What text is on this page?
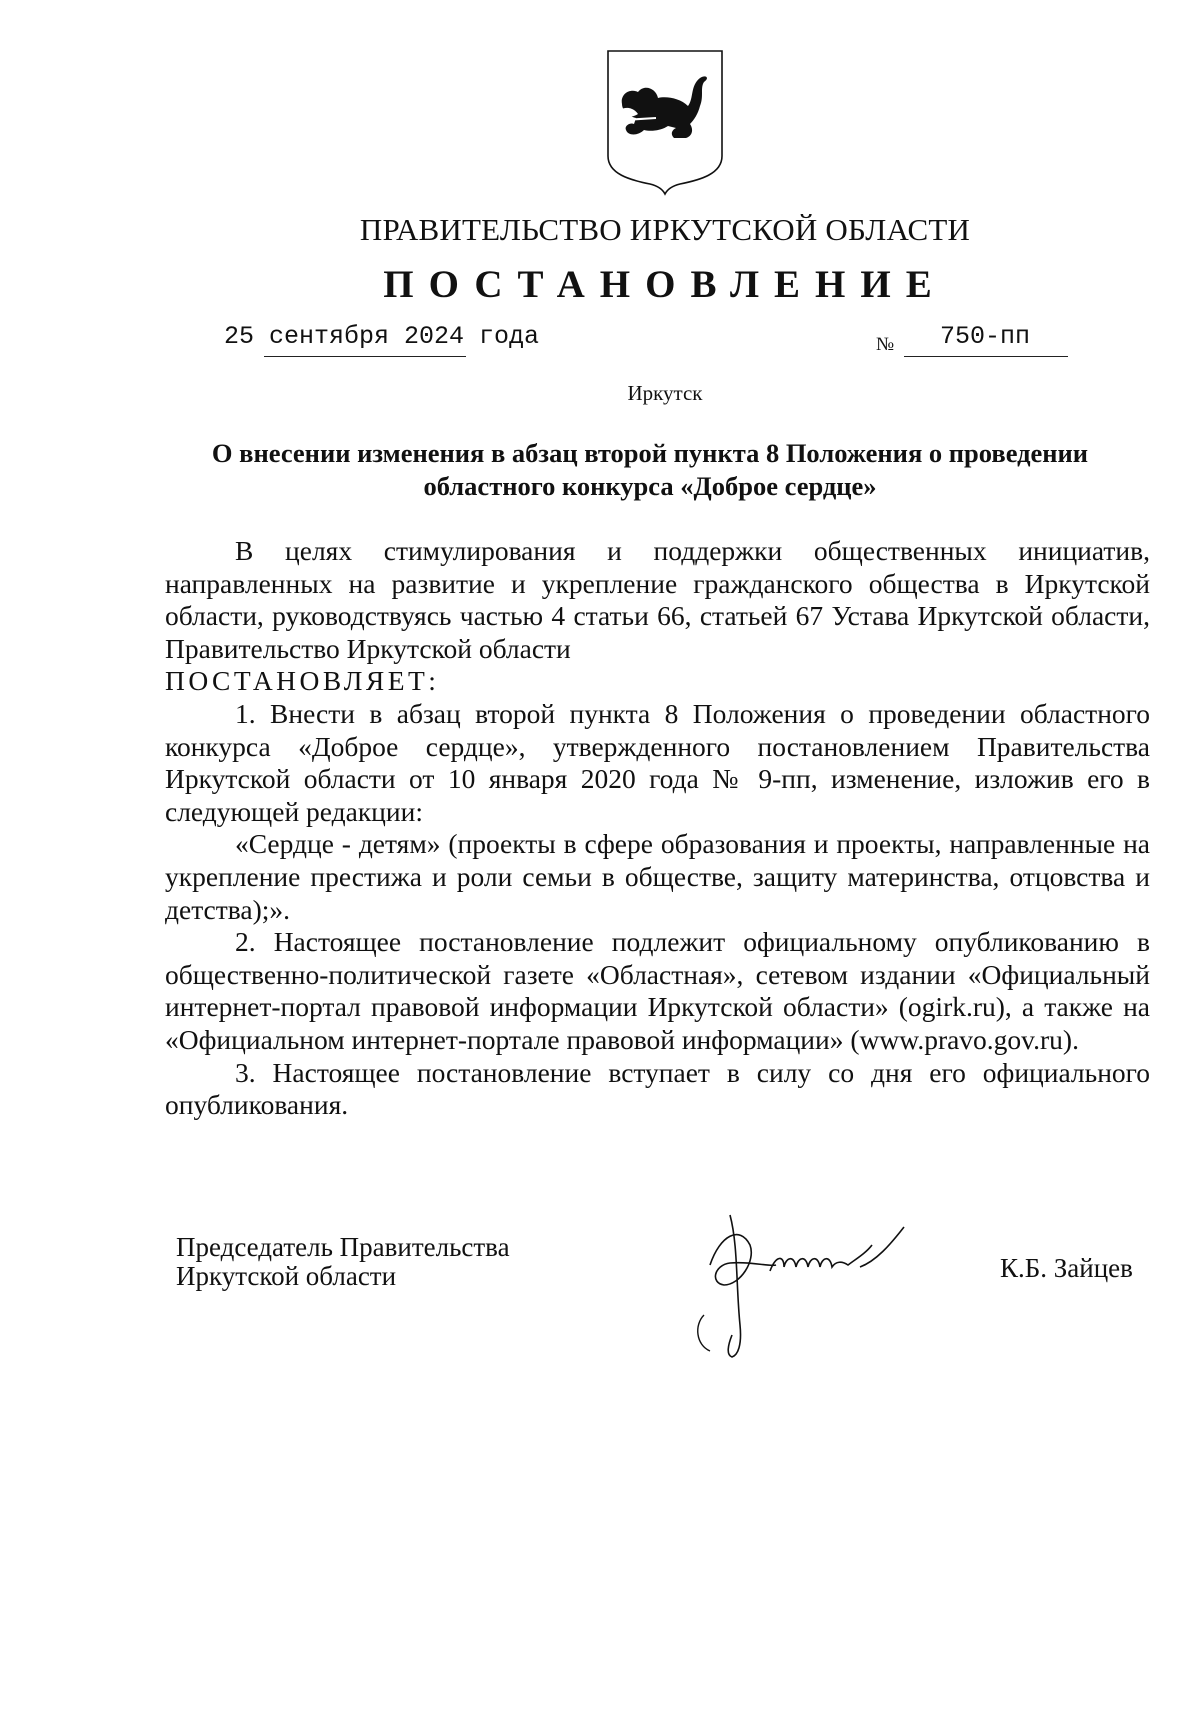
ПРАВИТЕЛЬСТВО ИРКУТСКОЙ ОБЛАСТИ
ПОСТАНОВЛЕНИЕ
25 сентября 2024 года	№ 750-пп
Иркутск
О внесении изменения в абзац второй пункта 8 Положения о проведении областного конкурса «Доброе сердце»

В целях стимулирования и поддержки общественных инициатив, направленных на развитие и укрепление гражданского общества в Иркутской области, руководствуясь частью 4 статьи 66, статьей 67 Устава Иркутской области, Правительство Иркутской области

ПОСТАНОВЛЯЕТ:

1. Внести в абзац второй пункта 8 Положения о проведении областного конкурса «Доброе сердце», утвержденного постановлением Правительства Иркутской области от 10 января 2020 года № 9-пп, изменение, изложив его в следующей редакции:

«Сердце - детям» (проекты в сфере образования и проекты, направленные на укрепление престижа и роли семьи в обществе, защиту материнства, отцовства и детства);».

2. Настоящее постановление подлежит официальному опубликованию в общественно-политической газете «Областная», сетевом издании «Официальный интернет-портал правовой информации Иркутской области» (ogirk.ru), а также на «Официальном интернет-портале правовой информации» (www.pravo.gov.ru).

3. Настоящее постановление вступает в силу со дня его официального опубликования.

Председатель Правительства
Иркутской области	К.Б. Зайцев
